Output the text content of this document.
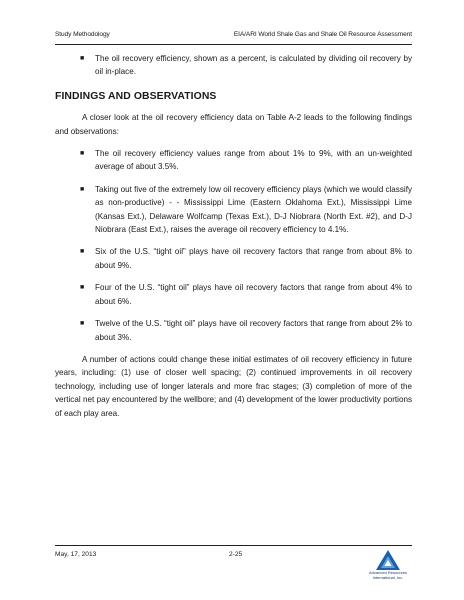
Study Methodology	EIA/ARI World Shale Gas and Shale Oil Resource Assessment
■ The oil recovery efficiency, shown as a percent, is calculated by dividing oil recovery by oil in-place.
FINDINGS AND OBSERVATIONS
A closer look at the oil recovery efficiency data on Table A-2 leads to the following findings and observations:
■ The oil recovery efficiency values range from about 1% to 9%, with an un-weighted average of about 3.5%.
■ Taking out five of the extremely low oil recovery efficiency plays (which we would classify as non-productive) - - Mississippi Lime (Eastern Oklahoma Ext.), Mississippi Lime (Kansas Ext.), Delaware Wolfcamp (Texas Ext.), D-J Niobrara (North Ext. #2), and D-J Niobrara (East Ext.), raises the average oil recovery efficiency to 4.1%.
■ Six of the U.S. “tight oil” plays have oil recovery factors that range from about 8% to about 9%.
■ Four of the U.S. “tight oil” plays have oil recovery factors that range from about 4% to about 6%.
■ Twelve of the U.S. “tight oil” plays have oil recovery factors that range from about 2% to about 3%.
A number of actions could change these initial estimates of oil recovery efficiency in future years, including: (1) use of closer well spacing; (2) continued improvements in oil recovery technology, including use of longer laterals and more frac stages; (3) completion of more of the vertical net pay encountered by the wellbore; and (4) development of the lower productivity portions of each play area.
May, 17, 2013	2-25
Advanced Resources
International, Inc.
